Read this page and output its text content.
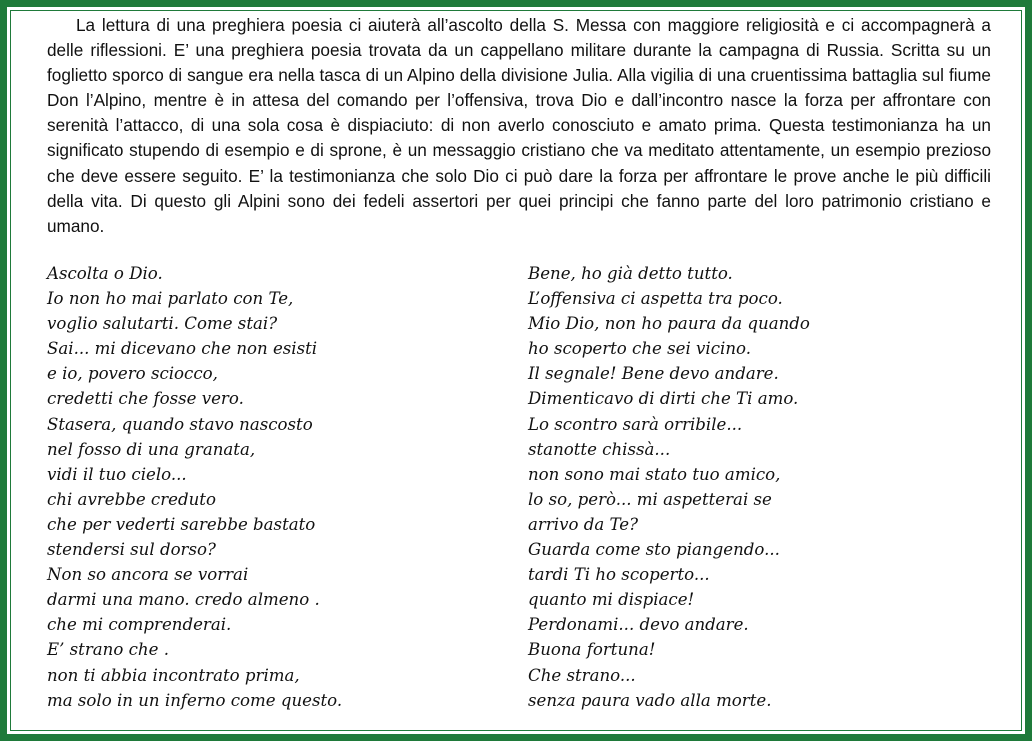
La lettura di una preghiera poesia ci aiuterà all’ascolto della S. Messa con maggiore religiosità e ci accompagnerà a delle riflessioni. E’ una preghiera poesia trovata da un cappellano militare durante la campagna di Russia. Scritta su un foglietto sporco di sangue era nella tasca di un Alpino della divisione Julia. Alla vigilia di una cruentissima battaglia sul fiume Don l’Alpino, mentre è in attesa del comando per l’offensiva, trova Dio e dall’incontro nasce la forza per affrontare con serenità l’attacco, di una sola cosa è dispiaciuto: di non averlo conosciuto e amato prima. Questa testimonianza ha un significato stupendo di esempio e di sprone, è un messaggio cristiano che va meditato attentamente, un esempio prezioso che deve essere seguito. E’ la testimonianza che solo Dio ci può dare la forza per affrontare le prove anche le più difficili della vita. Di questo gli Alpini sono dei fedeli assertori per quei principi che fanno parte del loro patrimonio cristiano e umano.

Ascolta o Dio.
Io non ho mai parlato con Te,
voglio salutarti. Come stai?
Sai... mi dicevano che non esisti
e io, povero sciocco,
credetti che fosse vero.
Stasera, quando stavo nascosto
nel fosso di una granata,
vidi il tuo cielo...
chi avrebbe creduto
che per vederti sarebbe bastato
stendersi sul dorso?
Non so ancora se vorrai
darmi una mano. credo almeno .
che mi comprenderai.
E’ strano che .
non ti abbia incontrato prima,
ma solo in un inferno come questo.
Bene, ho già detto tutto.
L’offensiva ci aspetta tra poco.
Mio Dio, non ho paura da quando
ho scoperto che sei vicino.
Il segnale! Bene devo andare.
Dimenticavo di dirti che Ti amo.
Lo scontro sarà orribile...
stanotte chissà...
non sono mai stato tuo amico,
lo so, però... mi aspetterai se
arrivo da Te?
Guarda come sto piangendo...
tardi Ti ho scoperto...
quanto mi dispiace!
Perdonami... devo andare.
Buona fortuna!
Che strano...
senza paura vado alla morte.
